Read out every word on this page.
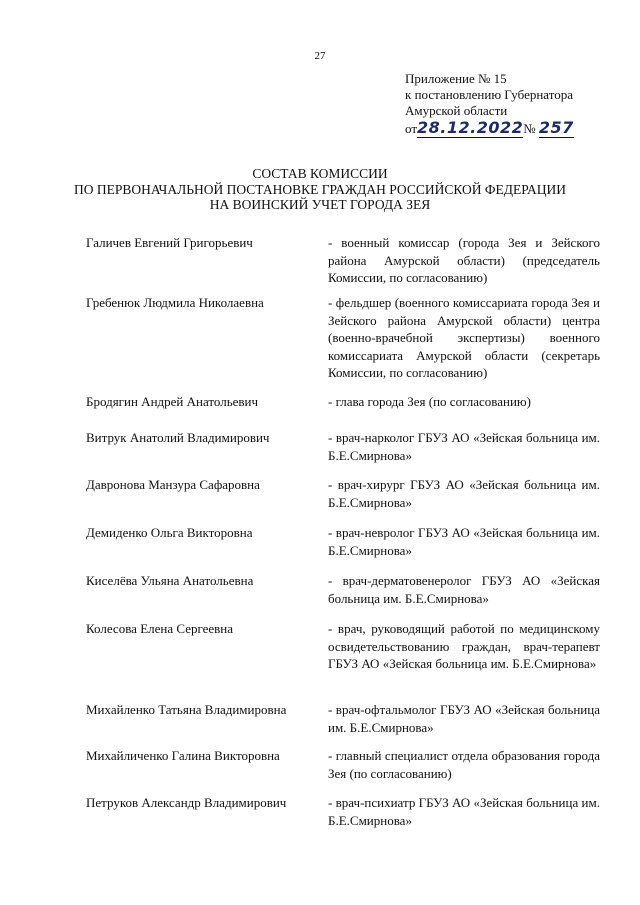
27
Приложение № 15
к постановлению Губернатора
Амурской области
от28.12.2022№ 257
СОСТАВ КОМИССИИ
ПО ПЕРВОНАЧАЛЬНОЙ ПОСТАНОВКЕ ГРАЖДАН РОССИЙСКОЙ ФЕДЕРАЦИИ
НА ВОИНСКИЙ УЧЕТ ГОРОДА ЗЕЯ
Галичев Евгений Григорьевич	- военный комиссар (города Зея и Зейского района Амурской области) (председатель Комиссии, по согласованию)
Гребенюк Людмила Николаевна	- фельдшер (военного комиссариата города Зея и Зейского района Амурской области) центра (военно-врачебной экспертизы) военного комиссариата Амурской области (секретарь Комиссии, по согласованию)
Бродягин Андрей Анатольевич	- глава города Зея (по согласованию)
Витрук Анатолий Владимирович	- врач-нарколог ГБУЗ АО «Зейская больница им. Б.Е.Смирнова»
Давронова Манзура Сафаровна	- врач-хирург ГБУЗ АО «Зейская больница им. Б.Е.Смирнова»
Демиденко Ольга Викторовна	- врач-невролог ГБУЗ АО «Зейская больница им. Б.Е.Смирнова»
Киселёва Ульяна Анатольевна	- врач-дерматовенеролог ГБУЗ АО «Зейская больница им. Б.Е.Смирнова»
Колесова Елена Сергеевна	- врач, руководящий работой по медицинскому освидетельствованию граждан, врач-терапевт ГБУЗ АО «Зейская больница им. Б.Е.Смирнова»
Михайленко Татьяна Владимировна	- врач-офтальмолог ГБУЗ АО «Зейская больница им. Б.Е.Смирнова»
Михайличенко Галина Викторовна	- главный специалист отдела образования города Зея (по согласованию)
Петруков Александр Владимирович	- врач-психиатр ГБУЗ АО «Зейская больница им. Б.Е.Смирнова»
